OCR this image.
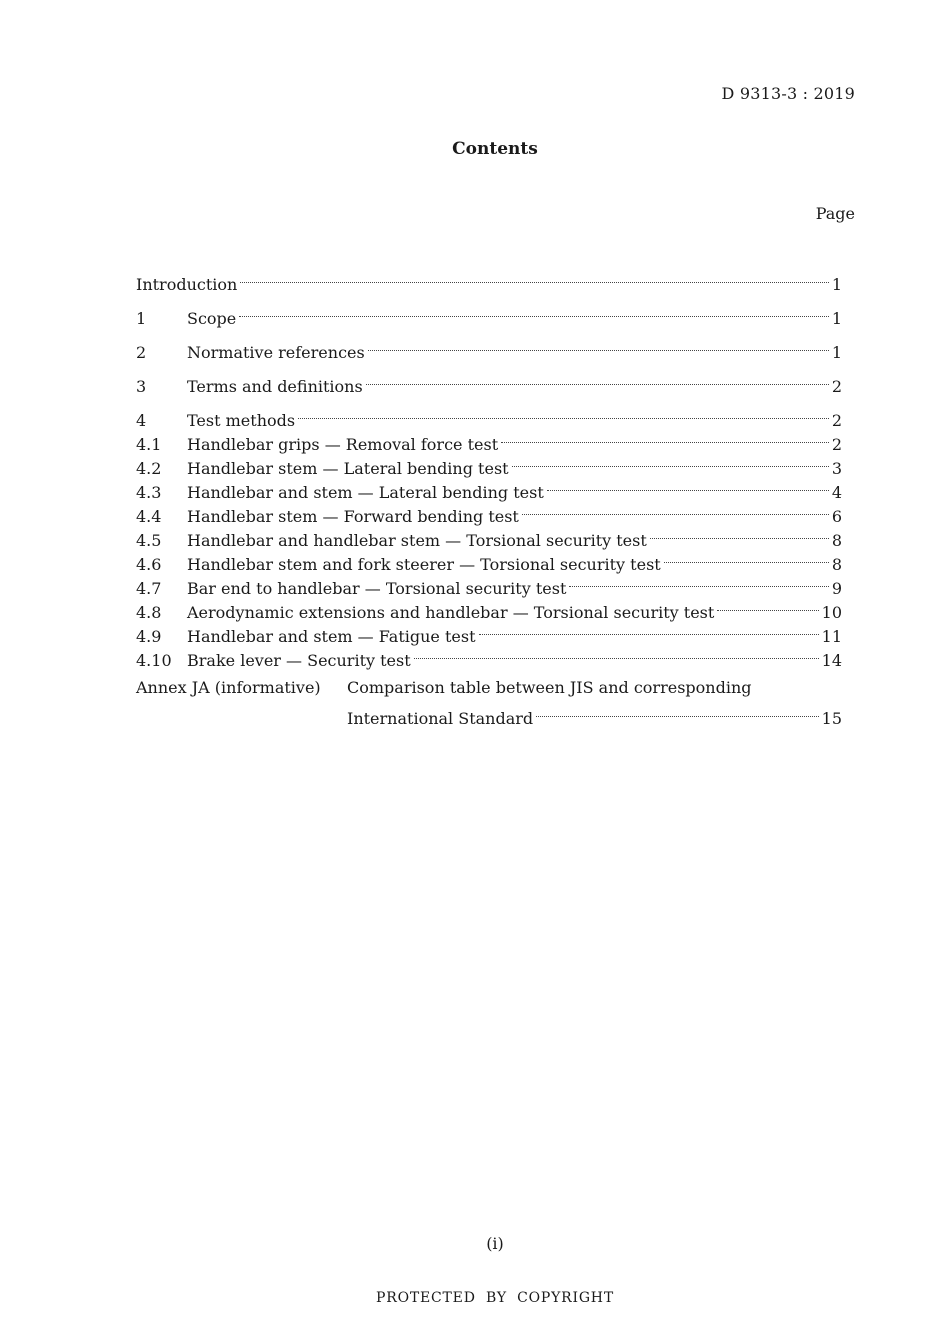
D 9313-3 : 2019
Contents
Page
Introduction	1
1	Scope	1
2	Normative references	1
3	Terms and definitions	2
4	Test methods	2
4.1	Handlebar grips — Removal force test	2
4.2	Handlebar stem — Lateral bending test	3
4.3	Handlebar and stem — Lateral bending test	4
4.4	Handlebar stem — Forward bending test	6
4.5	Handlebar and handlebar stem — Torsional security test	8
4.6	Handlebar stem and fork steerer — Torsional security test	8
4.7	Bar end to handlebar — Torsional security test	9
4.8	Aerodynamic extensions and handlebar — Torsional security test	10
4.9	Handlebar and stem — Fatigue test	11
4.10 Brake lever — Security test	14
Annex JA (informative) Comparison table between JIS and corresponding
International Standard	15
(i)
PROTECTED BY COPYRIGHT
